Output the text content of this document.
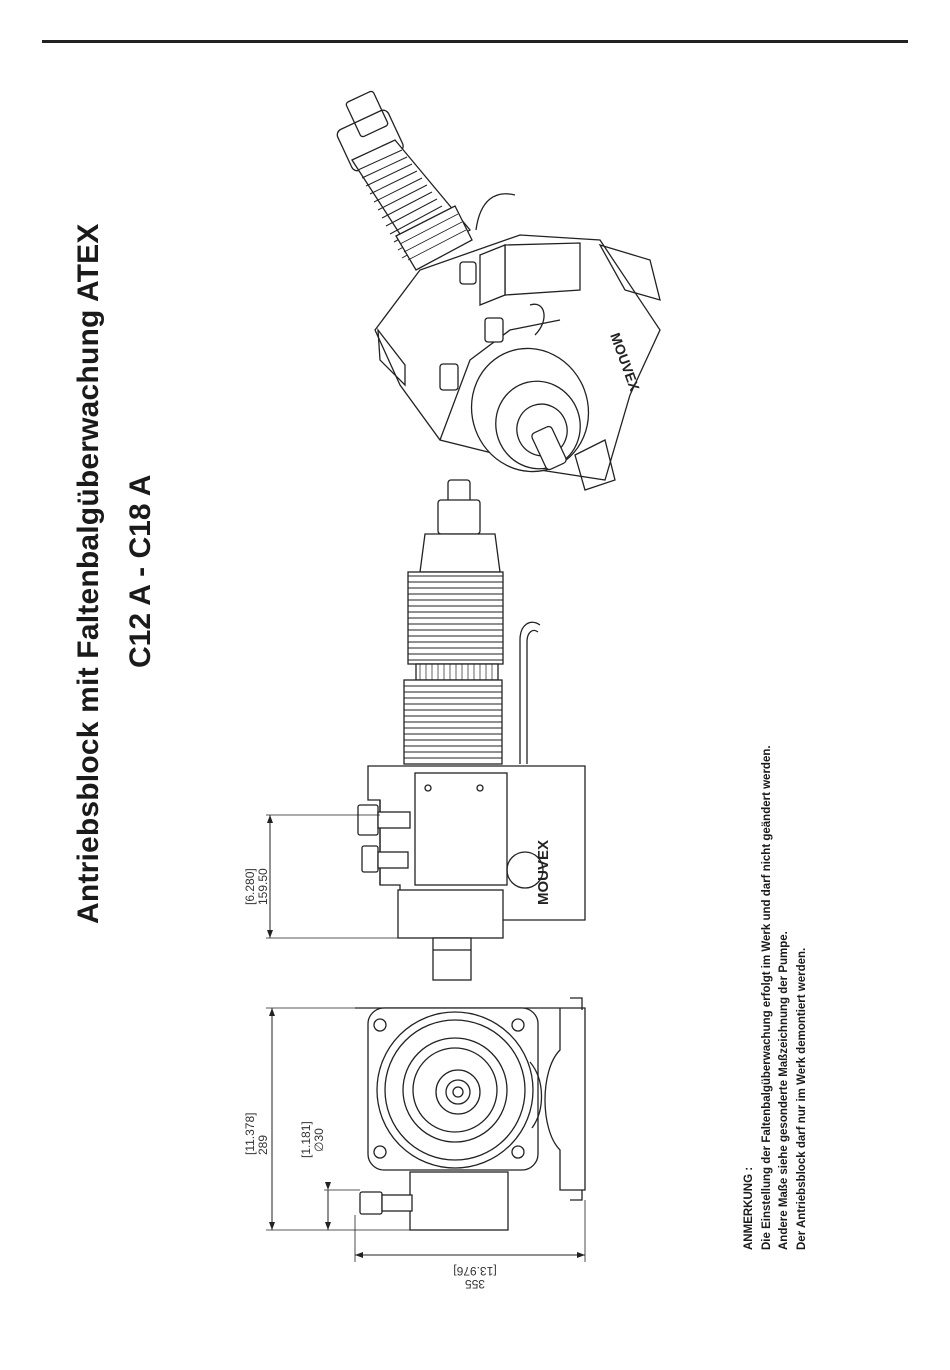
Antriebsblock mit Faltenbalgüberwachung ATEX C12 A - C18 A
MOUVEX
MOUVEX
[6.280] 159.50
[11.378] 289 [1.181] ∅30
355
[13.976]
ANMERKUNG : Die Einstellung der Faltenbalgüberwachung erfolgt im Werk und darf nicht geändert werden. Andere Maße siehe gesonderte Maßzeichnung der Pumpe. Der Antriebsblock darf nur im Werk demontiert werden.
